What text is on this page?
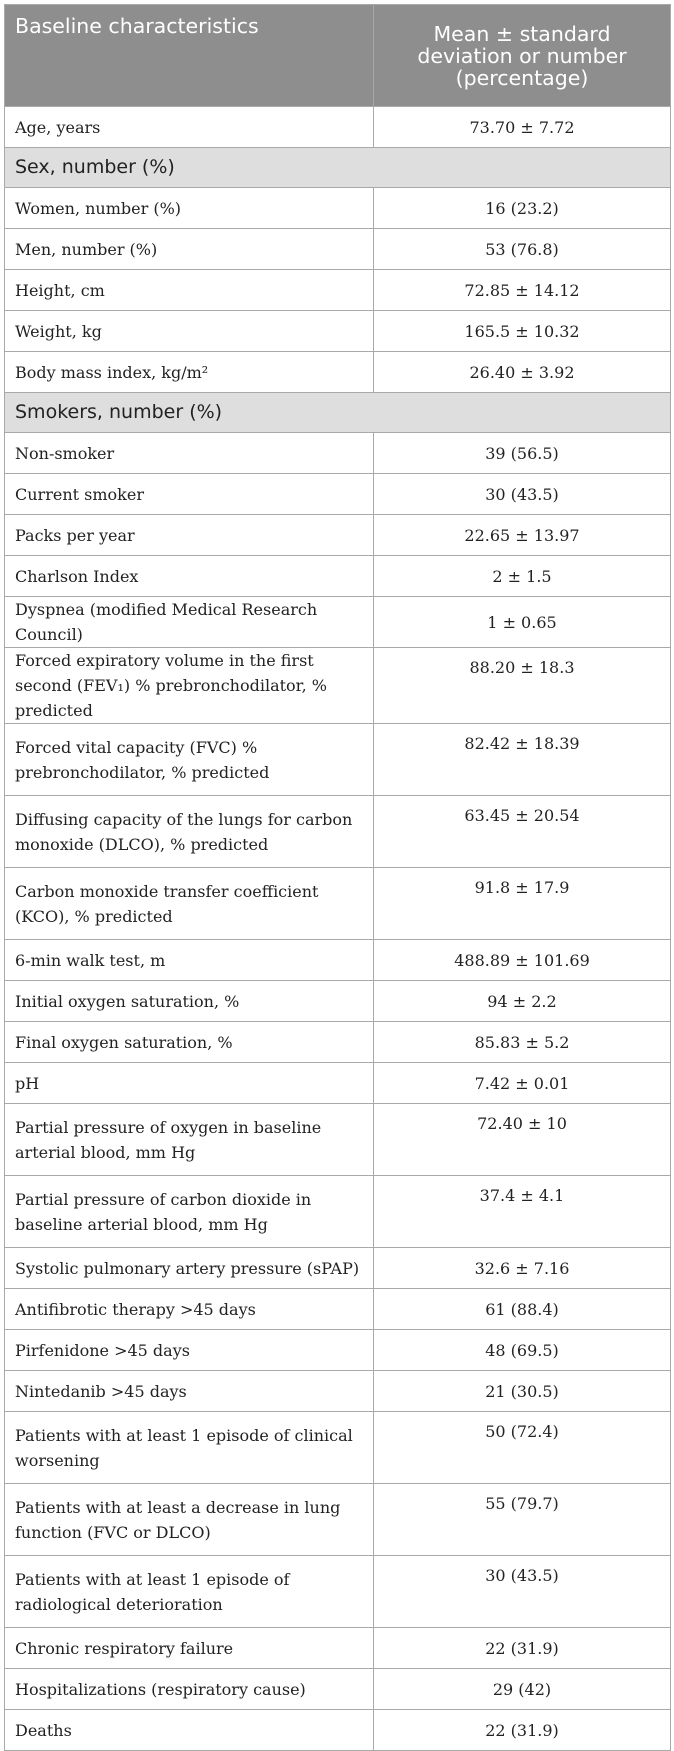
Baseline characteristics	Mean ± standard deviation or number (percentage)
Age, years	73.70 ± 7.72
Sex, number (%)	
Women, number (%)	16 (23.2)
Men, number (%)	53 (76.8)
Height, cm	72.85 ± 14.12
Weight, kg	165.5 ± 10.32
Body mass index, kg/m²	26.40 ± 3.92
Smokers, number (%)	
Non-smoker	39 (56.5)
Current smoker	30 (43.5)
Packs per year	22.65 ± 13.97
Charlson Index	2 ± 1.5
Dyspnea (modified Medical Research Council)	1 ± 0.65
Forced expiratory volume in the first second (FEV₁) % prebronchodilator, % predicted	88.20 ± 18.3
Forced vital capacity (FVC) % prebronchodilator, % predicted	82.42 ± 18.39
Diffusing capacity of the lungs for carbon monoxide (DLCO), % predicted	63.45 ± 20.54
Carbon monoxide transfer coefficient (KCO), % predicted	91.8 ± 17.9
6-min walk test, m	488.89 ± 101.69
Initial oxygen saturation, %	94 ± 2.2
Final oxygen saturation, %	85.83 ± 5.2
pH	7.42 ± 0.01
Partial pressure of oxygen in baseline arterial blood, mm Hg	72.40 ± 10
Partial pressure of carbon dioxide in baseline arterial blood, mm Hg	37.4 ± 4.1
Systolic pulmonary artery pressure (sPAP)	32.6 ± 7.16
Antifibrotic therapy >45 days	61 (88.4)
Pirfenidone >45 days	48 (69.5)
Nintedanib >45 days	21 (30.5)
Patients with at least 1 episode of clinical worsening	50 (72.4)
Patients with at least a decrease in lung function (FVC or DLCO)	55 (79.7)
Patients with at least 1 episode of radiological deterioration	30 (43.5)
Chronic respiratory failure	22 (31.9)
Hospitalizations (respiratory cause)	29 (42)
Deaths	22 (31.9)
